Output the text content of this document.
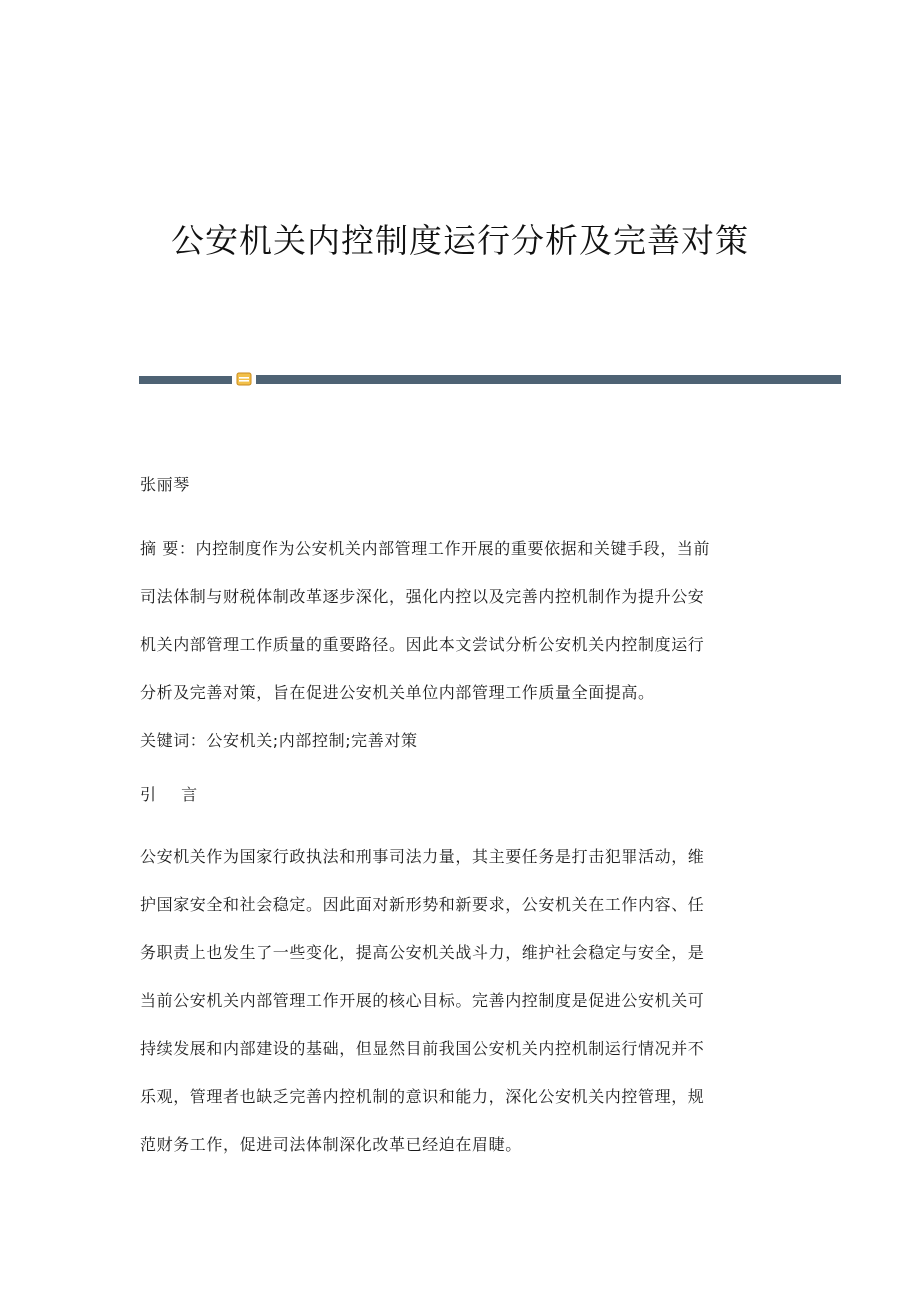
公安机关内控制度运行分析及完善对策
张丽琴
摘 要：内控制度作为公安机关内部管理工作开展的重要依据和关键手段，当前
司法体制与财税体制改革逐步深化，强化内控以及完善内控机制作为提升公安
机关内部管理工作质量的重要路径。因此本文尝试分析公安机关内控制度运行
分析及完善对策，旨在促进公安机关单位内部管理工作质量全面提高。
关键词：公安机关;内部控制;完善对策
引 言
公安机关作为国家行政执法和刑事司法力量，其主要任务是打击犯罪活动，维
护国家安全和社会稳定。因此面对新形势和新要求，公安机关在工作内容、任
务职责上也发生了一些变化，提高公安机关战斗力，维护社会稳定与安全，是
当前公安机关内部管理工作开展的核心目标。完善内控制度是促进公安机关可
持续发展和内部建设的基础，但显然目前我国公安机关内控机制运行情况并不
乐观，管理者也缺乏完善内控机制的意识和能力，深化公安机关内控管理，规
范财务工作，促进司法体制深化改革已经迫在眉睫。
